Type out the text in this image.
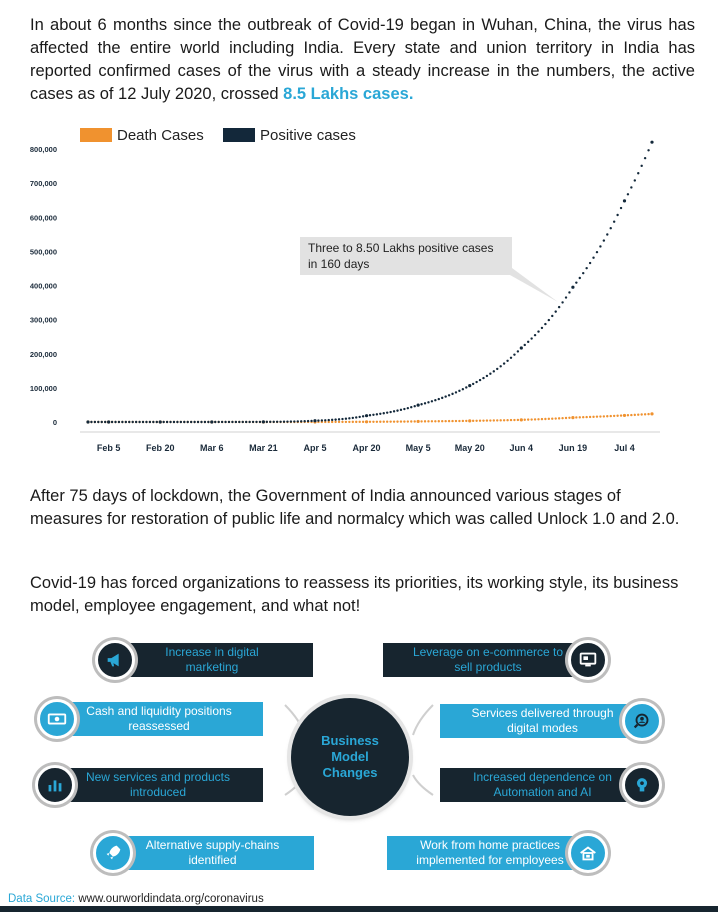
In about 6 months since the outbreak of Covid-19 began in Wuhan, China, the virus has affected the entire world including India. Every state and union territory in India has reported confirmed cases of the virus with a steady increase in the numbers, the active cases as of 12 July 2020, crossed 8.5 Lakhs cases.

0
100,000
200,000
300,000
400,000
500,000
600,000
700,000
800,000
Feb 5	Feb 20	Mar 6	Mar 21	Apr 5	Apr 20	May 5	May 20	Jun 4	Jun 19	Jul 4
Death Cases	Positive cases
Three to 8.50 Lakhs positive cases
in 160 days

After 75 days of lockdown, the Government of India announced various stages of measures for restoration of public life and normalcy which was called Unlock 1.0 and 2.0.

Covid-19 has forced organizations to reassess its priorities, its working style, its business model, employee engagement, and what not!

Business Model Changes
Increase in digital marketing
Cash and liquidity positions reassessed
New services and products introduced
Alternative supply-chains identified
Leverage on e-commerce to sell products
Services delivered through digital modes
Increased dependence on Automation and AI
Work from home practices implemented for employees
Data Source: www.ourworldindata.org/coronavirus
